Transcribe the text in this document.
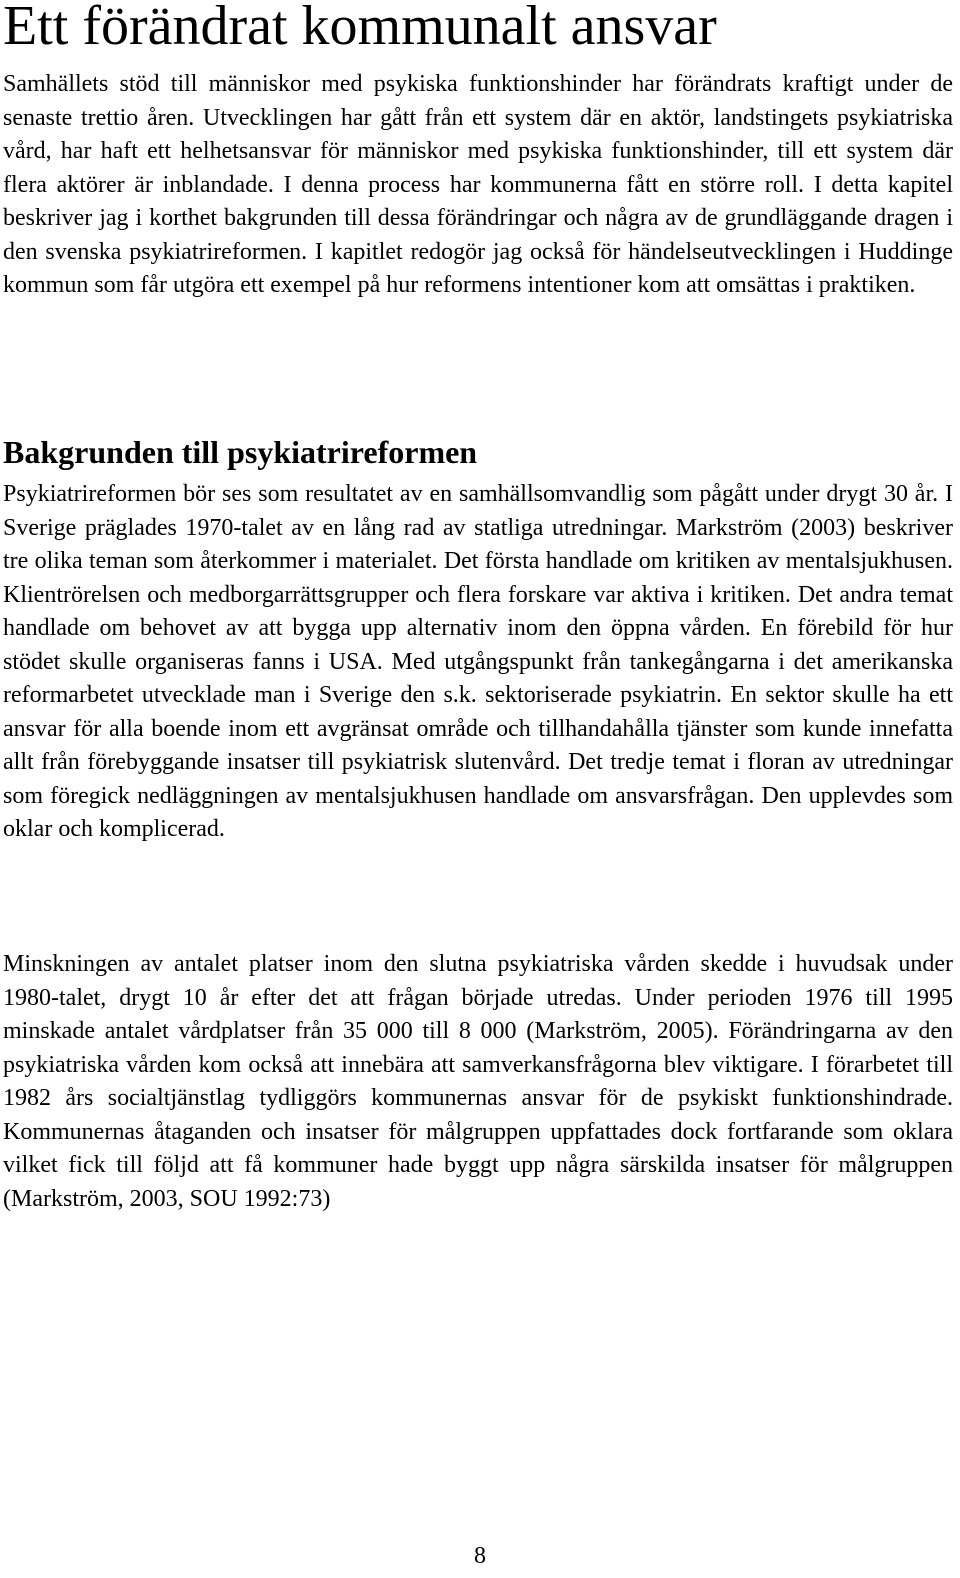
Ett förändrat kommunalt ansvar

Samhällets stöd till människor med psykiska funktionshinder har förändrats kraftigt under de senaste trettio åren. Utvecklingen har gått från ett system där en aktör, landstingets psykiatriska vård, har haft ett helhetsansvar för människor med psykiska funktionshinder, till ett system där flera aktörer är inblandade. I denna process har kommunerna fått en större roll. I detta kapitel beskriver jag i korthet bakgrunden till dessa förändringar och några av de grundläggande dragen i den svenska psykiatrireformen. I kapitlet redogör jag också för händelseutvecklingen i Huddinge kommun som får utgöra ett exempel på hur reformens intentioner kom att omsättas i praktiken.

Bakgrunden till psykiatrireformen

Psykiatrireformen bör ses som resultatet av en samhällsomvandlig som pågått under drygt 30 år. I Sverige präglades 1970-talet av en lång rad av statliga utredningar. Markström (2003) beskriver tre olika teman som återkommer i materialet. Det första handlade om kritiken av mentalsjukhusen. Klientrörelsen och medborgarrättsgrupper och flera forskare var aktiva i kritiken. Det andra temat handlade om behovet av att bygga upp alternativ inom den öppna vården. En förebild för hur stödet skulle organiseras fanns i USA. Med utgångspunkt från tankegångarna i det amerikanska reformarbetet utvecklade man i Sverige den s.k. sektoriserade psykiatrin. En sektor skulle ha ett ansvar för alla boende inom ett avgränsat område och tillhandahålla tjänster som kunde innefatta allt från förebyggande insatser till psykiatrisk slutenvård. Det tredje temat i floran av utredningar som föregick nedläggningen av mentalsjukhusen handlade om ansvarsfrågan. Den upplevdes som oklar och komplicerad.

Minskningen av antalet platser inom den slutna psykiatriska vården skedde i huvudsak under 1980-talet, drygt 10 år efter det att frågan började utredas. Under perioden 1976 till 1995 minskade antalet vårdplatser från 35 000 till 8 000 (Markström, 2005). Förändringarna av den psykiatriska vården kom också att innebära att samverkansfrågorna blev viktigare. I förarbetet till 1982 års socialtjänstlag tydliggörs kommunernas ansvar för de psykiskt funktionshindrade. Kommunernas åtaganden och insatser för målgruppen uppfattades dock fortfarande som oklara vilket fick till följd att få kommuner hade byggt upp några särskilda insatser för målgruppen (Markström, 2003, SOU 1992:73)

8
